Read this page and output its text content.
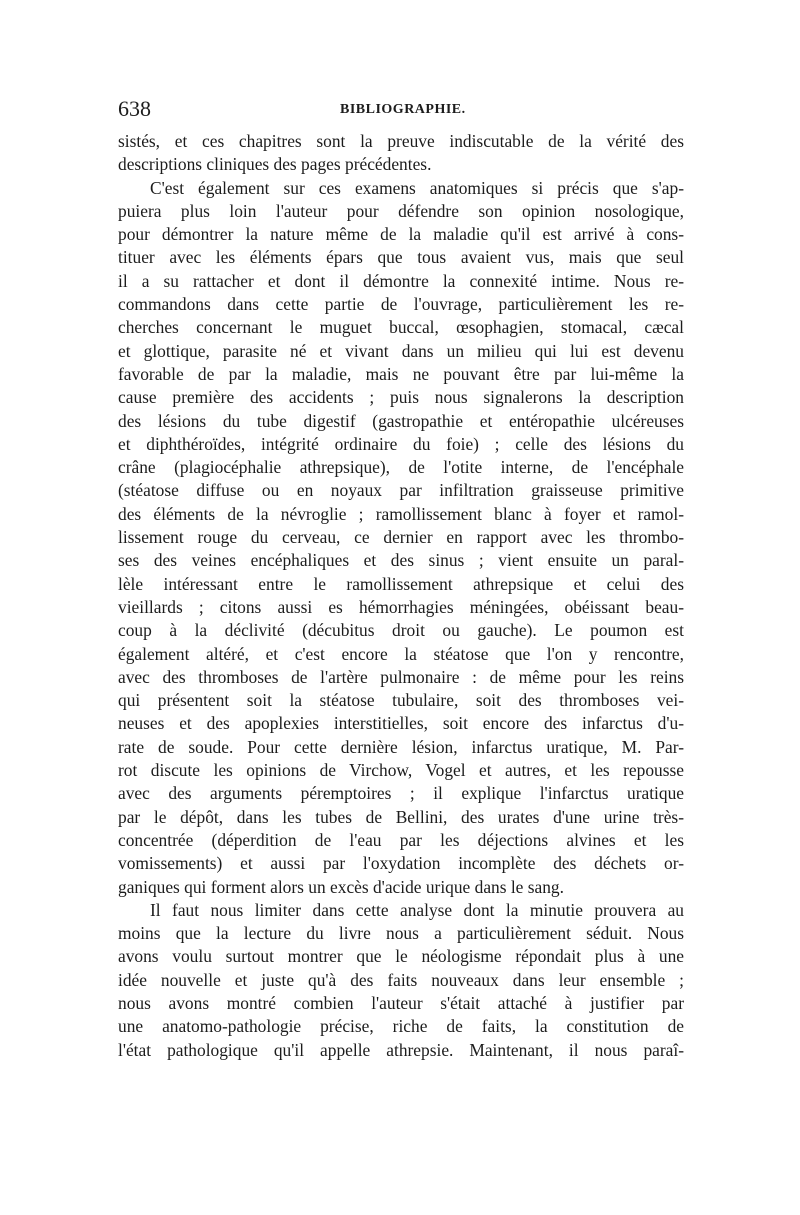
638	BIBLIOGRAPHIE.
sistés, et ces chapitres sont la preuve indiscutable de la vérité des
descriptions cliniques des pages précédentes.
C'est également sur ces examens anatomiques si précis que s'ap-
puiera plus loin l'auteur pour défendre son opinion nosologique,
pour démontrer la nature même de la maladie qu'il est arrivé à cons-
tituer avec les éléments épars que tous avaient vus, mais que seul
il a su rattacher et dont il démontre la connexité intime. Nous re-
commandons dans cette partie de l'ouvrage, particulièrement les re-
cherches concernant le muguet buccal, œsophagien, stomacal, cæcal
et glottique, parasite né et vivant dans un milieu qui lui est devenu
favorable de par la maladie, mais ne pouvant être par lui-même la
cause première des accidents ; puis nous signalerons la description
des lésions du tube digestif (gastropathie et entéropathie ulcéreuses
et diphthéroïdes, intégrité ordinaire du foie) ; celle des lésions du
crâne (plagiocéphalie athrepsique), de l'otite interne, de l'encéphale
(stéatose diffuse ou en noyaux par infiltration graisseuse primitive
des éléments de la névroglie ; ramollissement blanc à foyer et ramol-
lissement rouge du cerveau, ce dernier en rapport avec les thrombo-
ses des veines encéphaliques et des sinus ; vient ensuite un paral-
lèle intéressant entre le ramollissement athrepsique et celui des
vieillards ; citons aussi es hémorrhagies méningées, obéissant beau-
coup à la déclivité (décubitus droit ou gauche). Le poumon est
également altéré, et c'est encore la stéatose que l'on y rencontre,
avec des thromboses de l'artère pulmonaire : de même pour les reins
qui présentent soit la stéatose tubulaire, soit des thromboses vei-
neuses et des apoplexies interstitielles, soit encore des infarctus d'u-
rate de soude. Pour cette dernière lésion, infarctus uratique, M. Par-
rot discute les opinions de Virchow, Vogel et autres, et les repousse
avec des arguments péremptoires ; il explique l'infarctus uratique
par le dépôt, dans les tubes de Bellini, des urates d'une urine très-
concentrée (déperdition de l'eau par les déjections alvines et les
vomissements) et aussi par l'oxydation incomplète des déchets or-
ganiques qui forment alors un excès d'acide urique dans le sang.
Il faut nous limiter dans cette analyse dont la minutie prouvera au
moins que la lecture du livre nous a particulièrement séduit. Nous
avons voulu surtout montrer que le néologisme répondait plus à une
idée nouvelle et juste qu'à des faits nouveaux dans leur ensemble ;
nous avons montré combien l'auteur s'était attaché à justifier par
une anatomo-pathologie précise, riche de faits, la constitution de
l'état pathologique qu'il appelle athrepsie. Maintenant, il nous paraî-
